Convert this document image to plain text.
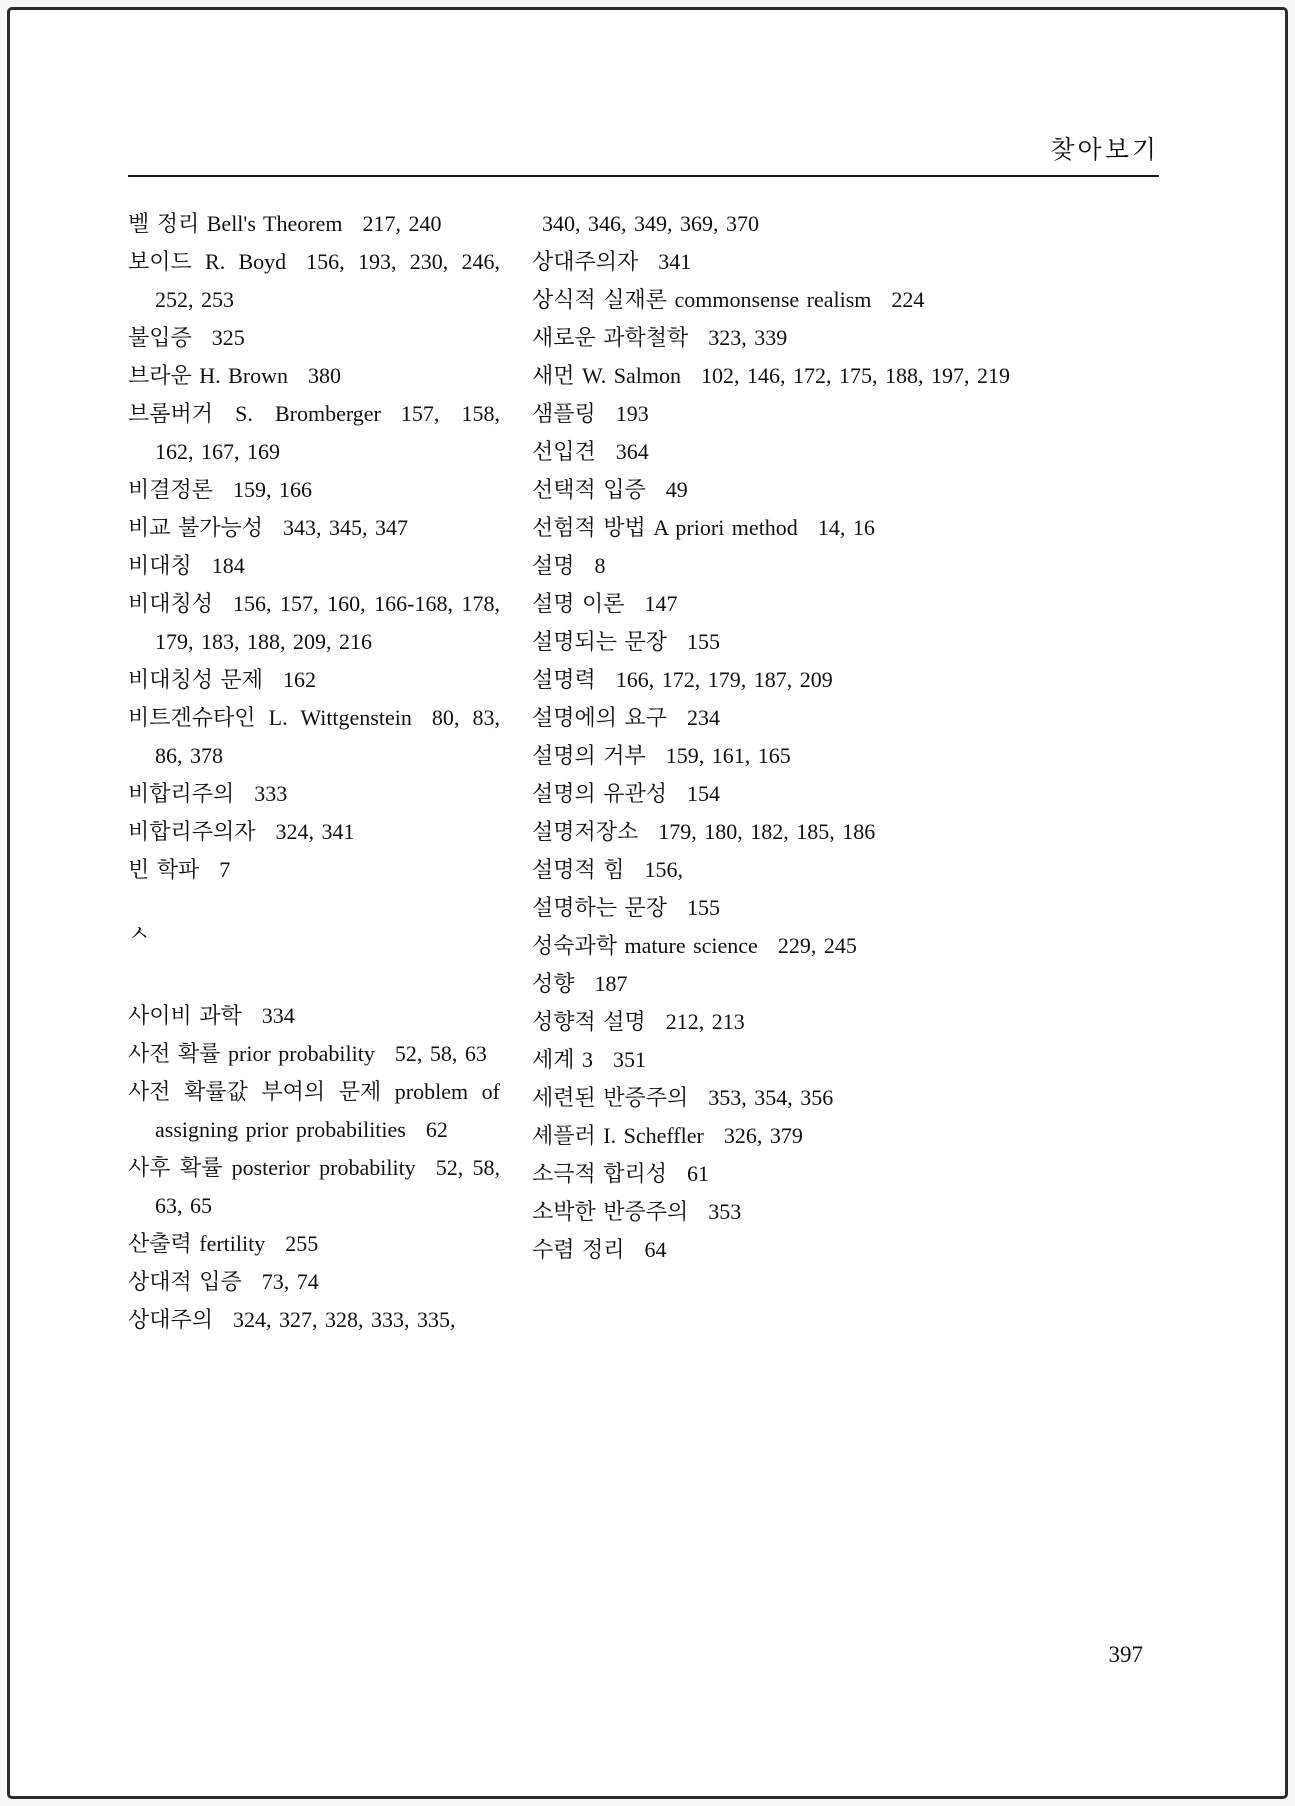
찾아보기
벨 정리 Bell's Theorem 217, 240
보이드 R. Boyd 156, 193, 230, 246, 252, 253
불입증 325
브라운 H. Brown 380
브롬버거 S. Bromberger 157, 158, 162, 167, 169
비결정론 159, 166
비교 불가능성 343, 345, 347
비대칭 184
비대칭성 156, 157, 160, 166-168, 178, 179, 183, 188, 209, 216
비대칭성 문제 162
비트겐슈타인 L. Wittgenstein 80, 83, 86, 378
비합리주의 333
비합리주의자 324, 341
빈 학파 7
ㅅ
사이비 과학 334
사전 확률 prior probability 52, 58, 63
사전 확률값 부여의 문제 problem of assigning prior probabilities 62
사후 확률 posterior probability 52, 58, 63, 65
산출력 fertility 255
상대적 입증 73, 74
상대주의 324, 327, 328, 333, 335,
340, 346, 349, 369, 370
상대주의자 341
상식적 실재론 commonsense realism 224
새로운 과학철학 323, 339
새먼 W. Salmon 102, 146, 172, 175, 188, 197, 219
샘플링 193
선입견 364
선택적 입증 49
선험적 방법 A priori method 14, 16
설명 8
설명 이론 147
설명되는 문장 155
설명력 166, 172, 179, 187, 209
설명에의 요구 234
설명의 거부 159, 161, 165
설명의 유관성 154
설명저장소 179, 180, 182, 185, 186
설명적 힘 156,
설명하는 문장 155
성숙과학 mature science 229, 245
성향 187
성향적 설명 212, 213
세계 3 351
세련된 반증주의 353, 354, 356
셰플러 I. Scheffler 326, 379
소극적 합리성 61
소박한 반증주의 353
수렴 정리 64
397
